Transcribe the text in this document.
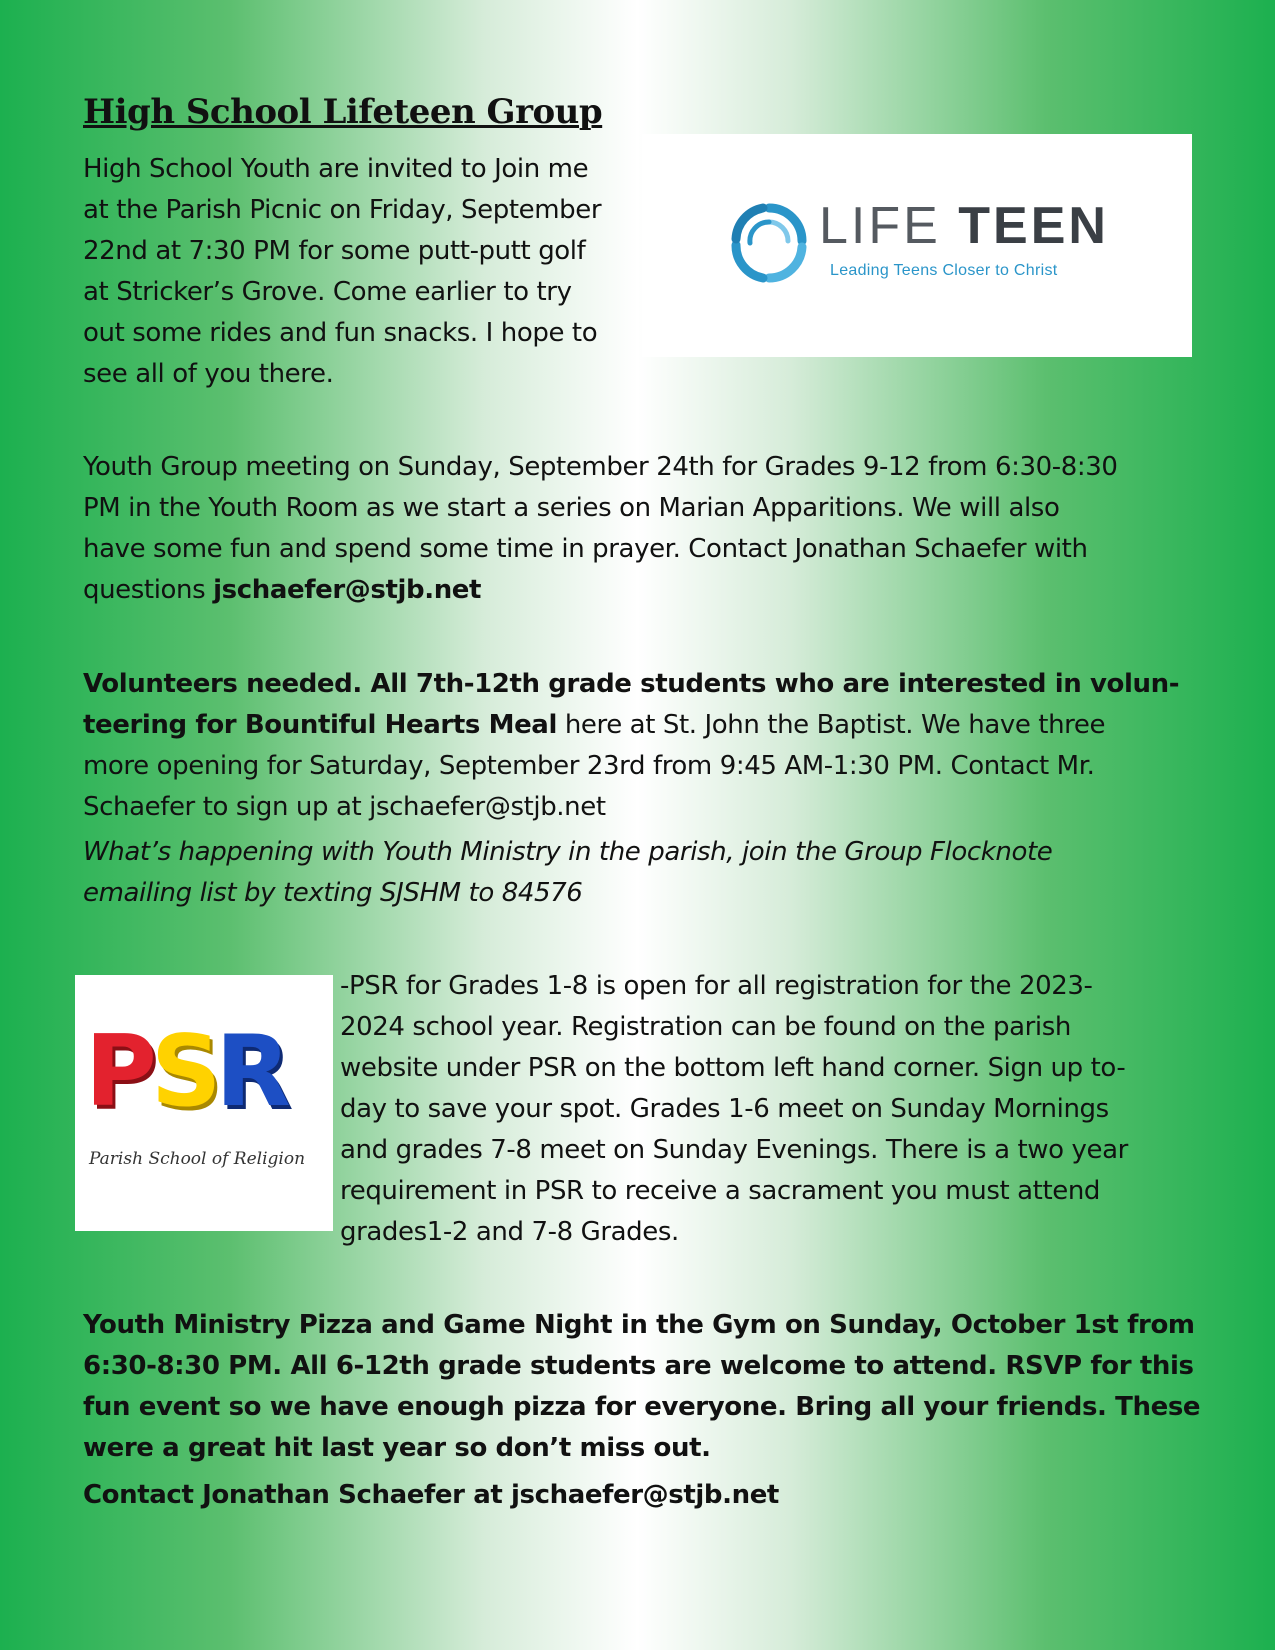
High School Lifeteen Group

High School Youth are invited to Join me

at the Parish Picnic on Friday, September

22nd at 7:30 PM for some putt-putt golf

at Stricker’s Grove. Come earlier to try

out some rides and fun snacks. I hope to

see all of you there.

LIFE TEEN
Leading Teens Closer to Christ

Youth Group meeting on Sunday, September 24th for Grades 9-12 from 6:30-8:30

PM in the Youth Room as we start a series on Marian Apparitions. We will also

have some fun and spend some time in prayer. Contact Jonathan Schaefer with

questions jschaefer@stjb.net

Volunteers needed. All 7th-12th grade students who are interested in volun-

teering for Bountiful Hearts Meal here at St. John the Baptist. We have three

more opening for Saturday, September 23rd from 9:45 AM-1:30 PM. Contact Mr.

Schaefer to sign up at jschaefer@stjb.net

What’s happening with Youth Ministry in the parish, join the Group Flocknote

emailing list by texting SJSHM to 84576

PSR
Parish School of Religion

-PSR for Grades 1-8 is open for all registration for the 2023-

2024 school year. Registration can be found on the parish

website under PSR on the bottom left hand corner. Sign up to-

day to save your spot. Grades 1-6 meet on Sunday Mornings

and grades 7-8 meet on Sunday Evenings. There is a two year

requirement in PSR to receive a sacrament you must attend

grades1-2 and 7-8 Grades.

Youth Ministry Pizza and Game Night in the Gym on Sunday, October 1st from

6:30-8:30 PM. All 6-12th grade students are welcome to attend. RSVP for this

fun event so we have enough pizza for everyone. Bring all your friends. These

were a great hit last year so don’t miss out.

Contact Jonathan Schaefer at jschaefer@stjb.net
